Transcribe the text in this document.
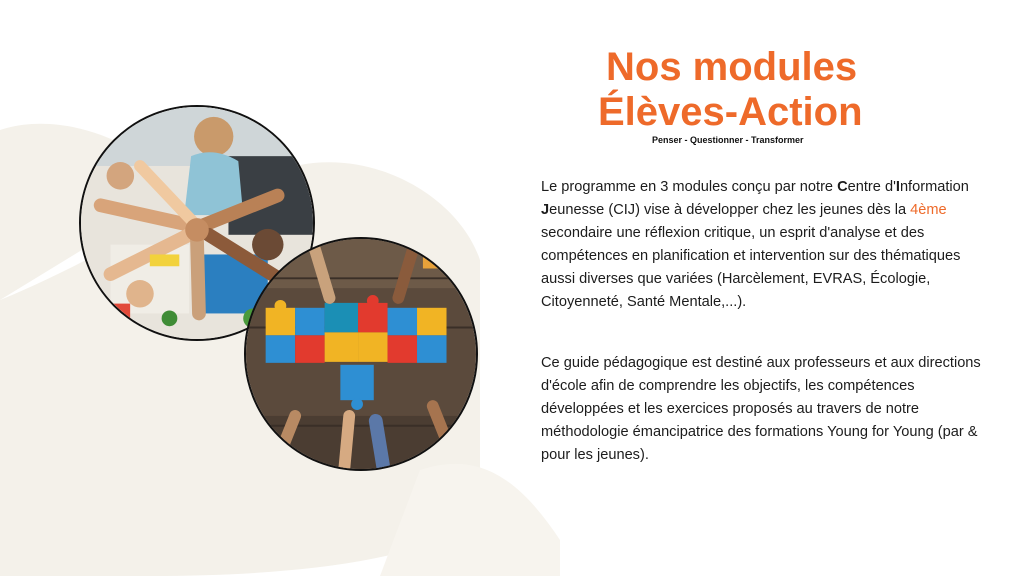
Nos modules
Élèves-Action
Penser - Questionner - Transformer

Le programme en 3 modules conçu par notre Centre d'Information Jeunesse (CIJ) vise à développer chez les jeunes dès la 4ème secondaire une réflexion critique, un esprit d'analyse et des compétences en planification et intervention sur des thématiques aussi diverses que variées (Harcèlement, EVRAS, Écologie, Citoyenneté, Santé Mentale,...).

Ce guide pédagogique est destiné aux professeurs et aux directions d'école afin de comprendre les objectifs, les compétences développées et les exercices proposés au travers de notre méthodologie émancipatrice des formations Young for Young (par & pour les jeunes).
